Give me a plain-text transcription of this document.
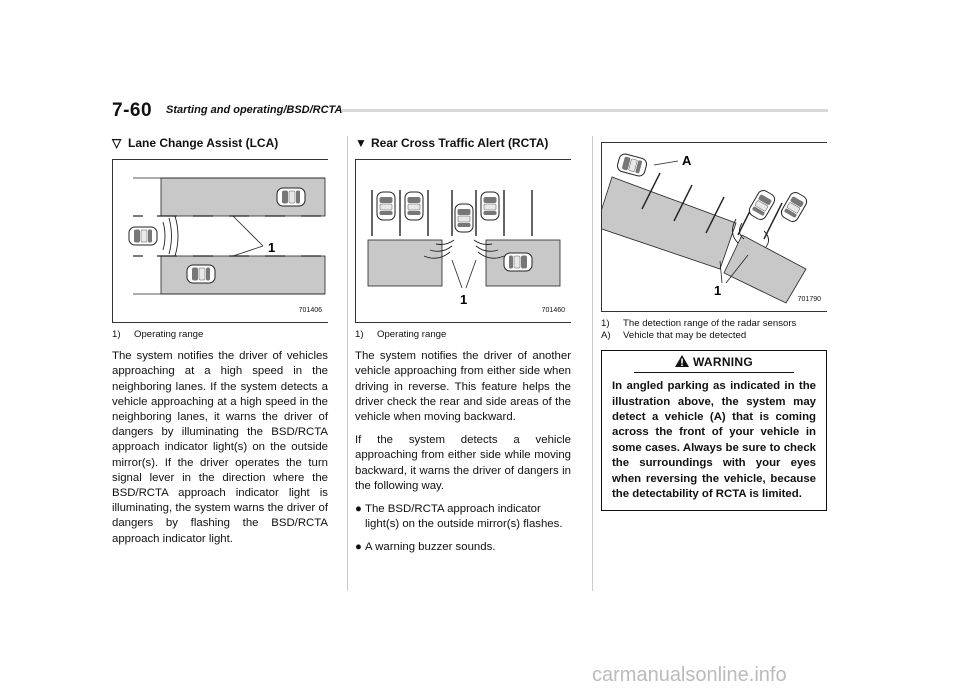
7-60 Starting and operating/BSD/RCTA
▽ Lane Change Assist (LCA)
1
701406
1)	Operating range

The system notifies the driver of vehicles approaching at a high speed in the neighboring lanes. If the system detects a vehicle approaching at a high speed in the neighboring lanes, it warns the driver of dangers by illuminating the BSD/RCTA approach indicator light(s) on the outside mirror(s). If the driver operates the turn signal lever in the direction where the BSD/RCTA approach indicator light is illuminating, the system warns the driver of dangers by flashing the BSD/RCTA approach indicator light.

▼ Rear Cross Traffic Alert (RCTA)
1
701460
1)	Operating range

The system notifies the driver of another vehicle approaching from either side when driving in reverse. This feature helps the driver check the rear and side areas of the vehicle when moving backward.

If the system detects a vehicle approaching from either side while moving backward, it warns the driver of dangers in the following way.

● The BSD/RCTA approach indicator light(s) on the outside mirror(s) flashes.
● A warning buzzer sounds.
1
A
701790
1)	The detection range of the radar sensors
A)	Vehicle that may be detected
WARNING
In angled parking as indicated in the illustration above, the system may detect a vehicle (A) that is coming across the front of your vehicle in some cases. Always be sure to check the surroundings with your eyes when reversing the vehicle, because the detectability of RCTA is limited.
carmanualsonline.info
